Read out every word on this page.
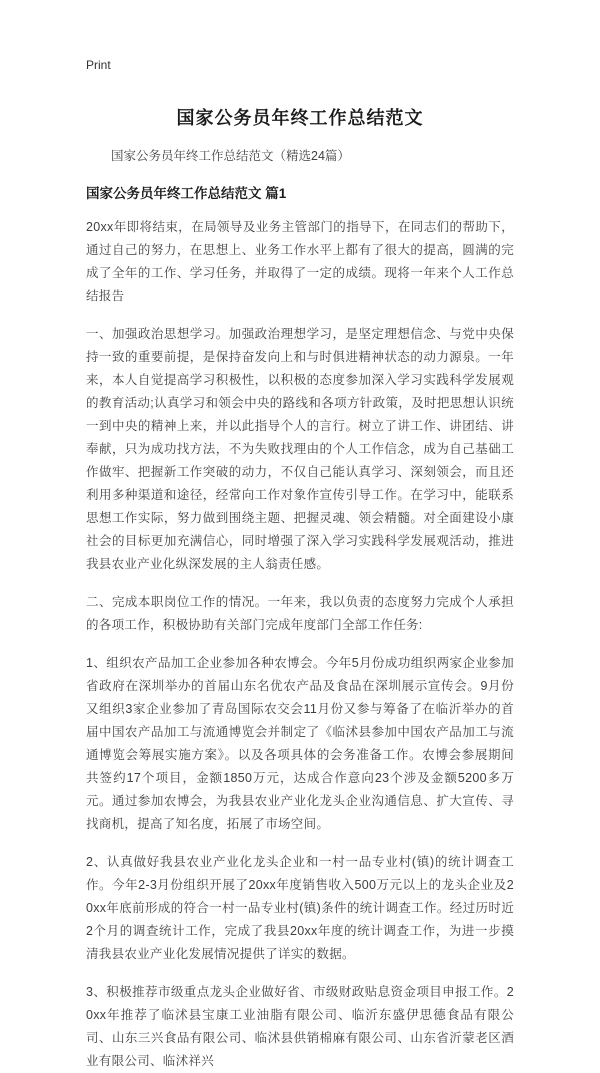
Print
国家公务员年终工作总结范文

国家公务员年终工作总结范文（精选24篇）

国家公务员年终工作总结范文 篇1

20xx年即将结束，在局领导及业务主管部门的指导下，在同志们的帮助下，通过自己的努力，在思想上、业务工作水平上都有了很大的提高，圆满的完成了全年的工作、学习任务，并取得了一定的成绩。现将一年来个人工作总结报告

一、加强政治思想学习。加强政治理想学习，是坚定理想信念、与党中央保持一致的重要前提，是保持奋发向上和与时俱进精神状态的动力源泉。一年来，本人自觉提高学习积极性，以积极的态度参加深入学习实践科学发展观的教育活动;认真学习和领会中央的路线和各项方针政策，及时把思想认识统一到中央的精神上来，并以此指导个人的言行。树立了讲工作、讲团结、讲奉献，只为成功找方法，不为失败找理由的个人工作信念，成为自己基础工作做牢、把握新工作突破的动力，不仅自己能认真学习、深刻领会，而且还利用多种渠道和途径，经常向工作对象作宣传引导工作。在学习中，能联系思想工作实际，努力做到围绕主题、把握灵魂、领会精髓。对全面建设小康社会的目标更加充满信心，同时增强了深入学习实践科学发展观活动，推进我县农业产业化纵深发展的主人翁责任感。

二、完成本职岗位工作的情况。一年来，我以负责的态度努力完成个人承担的各项工作，积极协助有关部门完成年度部门全部工作任务:

1、组织农产品加工企业参加各种农博会。今年5月份成功组织两家企业参加省政府在深圳举办的首届山东名优农产品及食品在深圳展示宣传会。9月份又组织3家企业参加了青岛国际农交会11月份又参与筹备了在临沂举办的首届中国农产品加工与流通博览会并制定了《临沭县参加中国农产品加工与流通博览会筹展实施方案》。以及各项具体的会务准备工作。农博会参展期间共签约17个项目，金额1850万元，达成合作意向23个涉及金额5200多万元。通过参加农博会，为我县农业产业化龙头企业沟通信息、扩大宣传、寻找商机，提高了知名度，拓展了市场空间。

2、认真做好我县农业产业化龙头企业和一村一品专业村(镇)的统计调查工作。今年2-3月份组织开展了20xx年度销售收入500万元以上的龙头企业及20xx年底前形成的符合一村一品专业村(镇)条件的统计调查工作。经过历时近2个月的调查统计工作，完成了我县20xx年度的统计调查工作，为进一步摸清我县农业产业化发展情况提供了详实的数据。

3、积极推荐市级重点龙头企业做好省、市级财政贴息资金项目申报工作。20xx年推荐了临沭县宝康工业油脂有限公司、临沂东盛伊思德食品有限公司、山东三兴食品有限公司、临沭县供销棉麻有限公司、山东省沂蒙老区酒业有限公司、临沭祥兴
